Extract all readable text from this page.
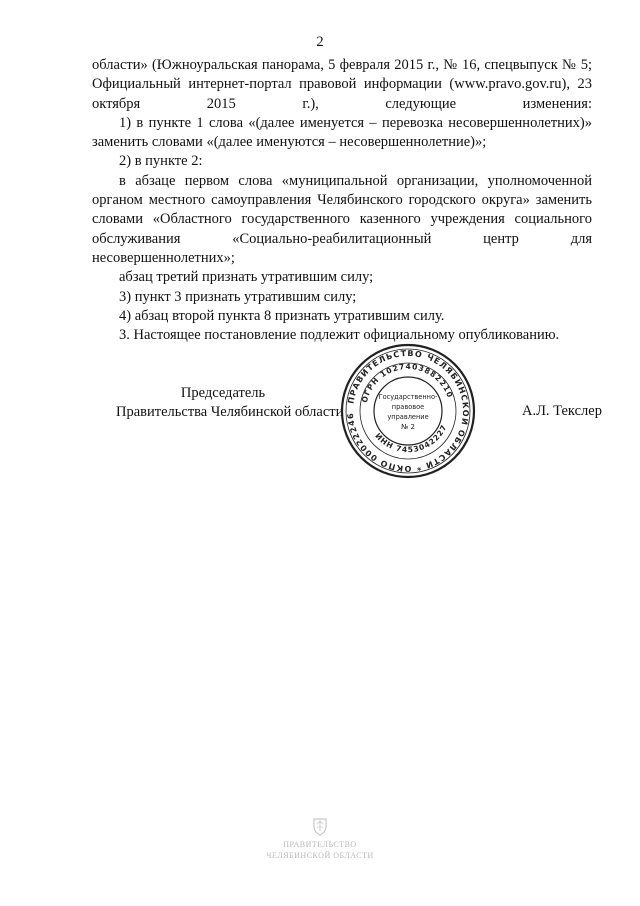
2

области» (Южноуральская панорама, 5 февраля 2015 г., № 16, спецвыпуск № 5; Официальный интернет-портал правовой информации (www.pravo.gov.ru), 23 октября 2015 г.), следующие изменения:

1) в пункте 1 слова «(далее именуется – перевозка несовершеннолетних)» заменить словами «(далее именуются – несовершеннолетние)»;

2) в пункте 2:

в абзаце первом слова «муниципальной организации, уполномоченной органом местного самоуправления Челябинского городского округа» заменить словами «Областного государственного казенного учреждения социального обслуживания «Социально-реабилитационный центр для несовершеннолетних»;

абзац третий признать утратившим силу;

3) пункт 3 признать утратившим силу;

4) абзац второй пункта 8 признать утратившим силу.

3. Настоящее постановление подлежит официальному опубликованию.

Председатель
Правительства Челябинской области	А.Л. Текслер
ПРАВИТЕЛЬСТВО ЧЕЛЯБИНСКОЙ ОБЛАСТИ * ОКПО 00022246
ОГРН 1027403882210
ИНН 7453042227
Государственно-
правовое
управление
№ 2
ПРАВИТЕЛЬСТВО
ЧЕЛЯБИНСКОЙ ОБЛАСТИ
